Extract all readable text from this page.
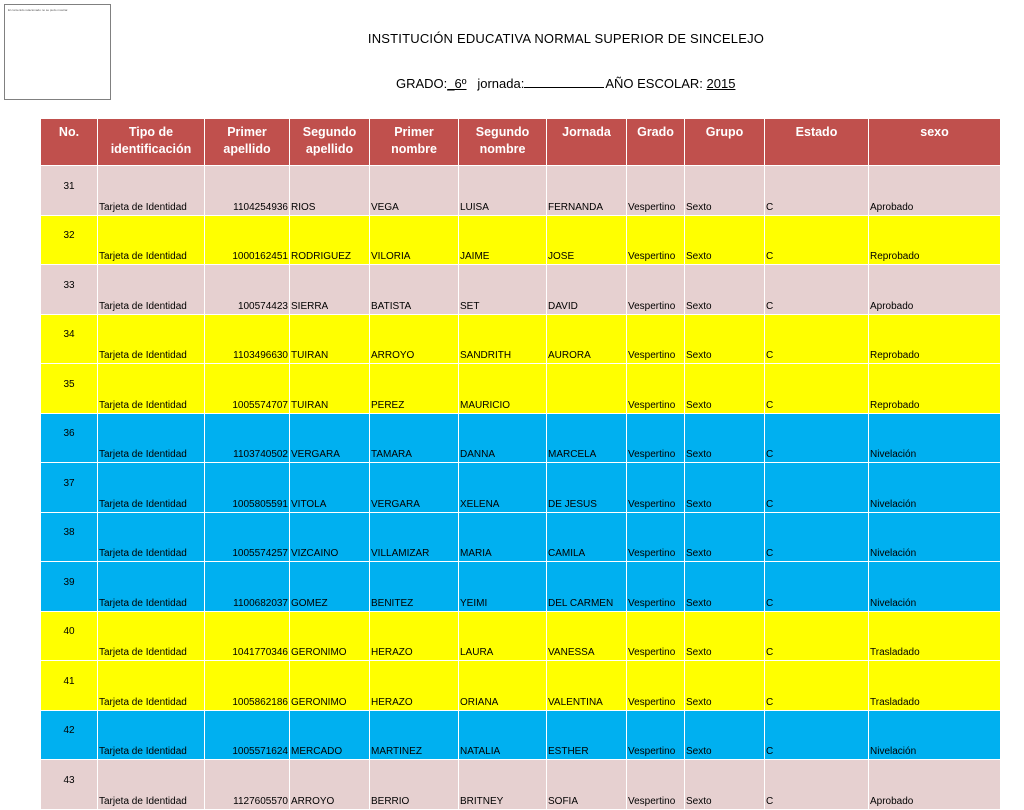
El contenido relacionado no se pudo mostrar.
INSTITUCIÓN EDUCATIVA NORMAL SUPERIOR DE SINCELEJO
GRADO:_6º jornada:	AÑO ESCOLAR: 2015
No.	Tipo de identificación	Primer apellido	Segundo apellido	Primer nombre	Segundo nombre	Jornada	Grado	Grupo	Estado	sexo
31	Tarjeta de Identidad	1104254936	RIOS	VEGA	LUISA	FERNANDA	Vespertino	Sexto	C	Aprobado
32	Tarjeta de Identidad	1000162451	RODRIGUEZ	VILORIA	JAIME	JOSE	Vespertino	Sexto	C	Reprobado
33	Tarjeta de Identidad	100574423	SIERRA	BATISTA	SET	DAVID	Vespertino	Sexto	C	Aprobado
34	Tarjeta de Identidad	1103496630	TUIRAN	ARROYO	SANDRITH	AURORA	Vespertino	Sexto	C	Reprobado
35	Tarjeta de Identidad	1005574707	TUIRAN	PEREZ	MAURICIO		Vespertino	Sexto	C	Reprobado
36	Tarjeta de Identidad	1103740502	VERGARA	TAMARA	DANNA	MARCELA	Vespertino	Sexto	C	Nivelación
37	Tarjeta de Identidad	1005805591	VITOLA	VERGARA	XELENA	DE JESUS	Vespertino	Sexto	C	Nivelación
38	Tarjeta de Identidad	1005574257	VIZCAINO	VILLAMIZAR	MARIA	CAMILA	Vespertino	Sexto	C	Nivelación
39	Tarjeta de Identidad	1100682037	GOMEZ	BENITEZ	YEIMI	DEL CARMEN	Vespertino	Sexto	C	Nivelación
40	Tarjeta de Identidad	1041770346	GERONIMO	HERAZO	LAURA	VANESSA	Vespertino	Sexto	C	Trasladado
41	Tarjeta de Identidad	1005862186	GERONIMO	HERAZO	ORIANA	VALENTINA	Vespertino	Sexto	C	Trasladado
42	Tarjeta de Identidad	1005571624	MERCADO	MARTINEZ	NATALIA	ESTHER	Vespertino	Sexto	C	Nivelación
43	Tarjeta de Identidad	1127605570	ARROYO	BERRIO	BRITNEY	SOFIA	Vespertino	Sexto	C	Aprobado
